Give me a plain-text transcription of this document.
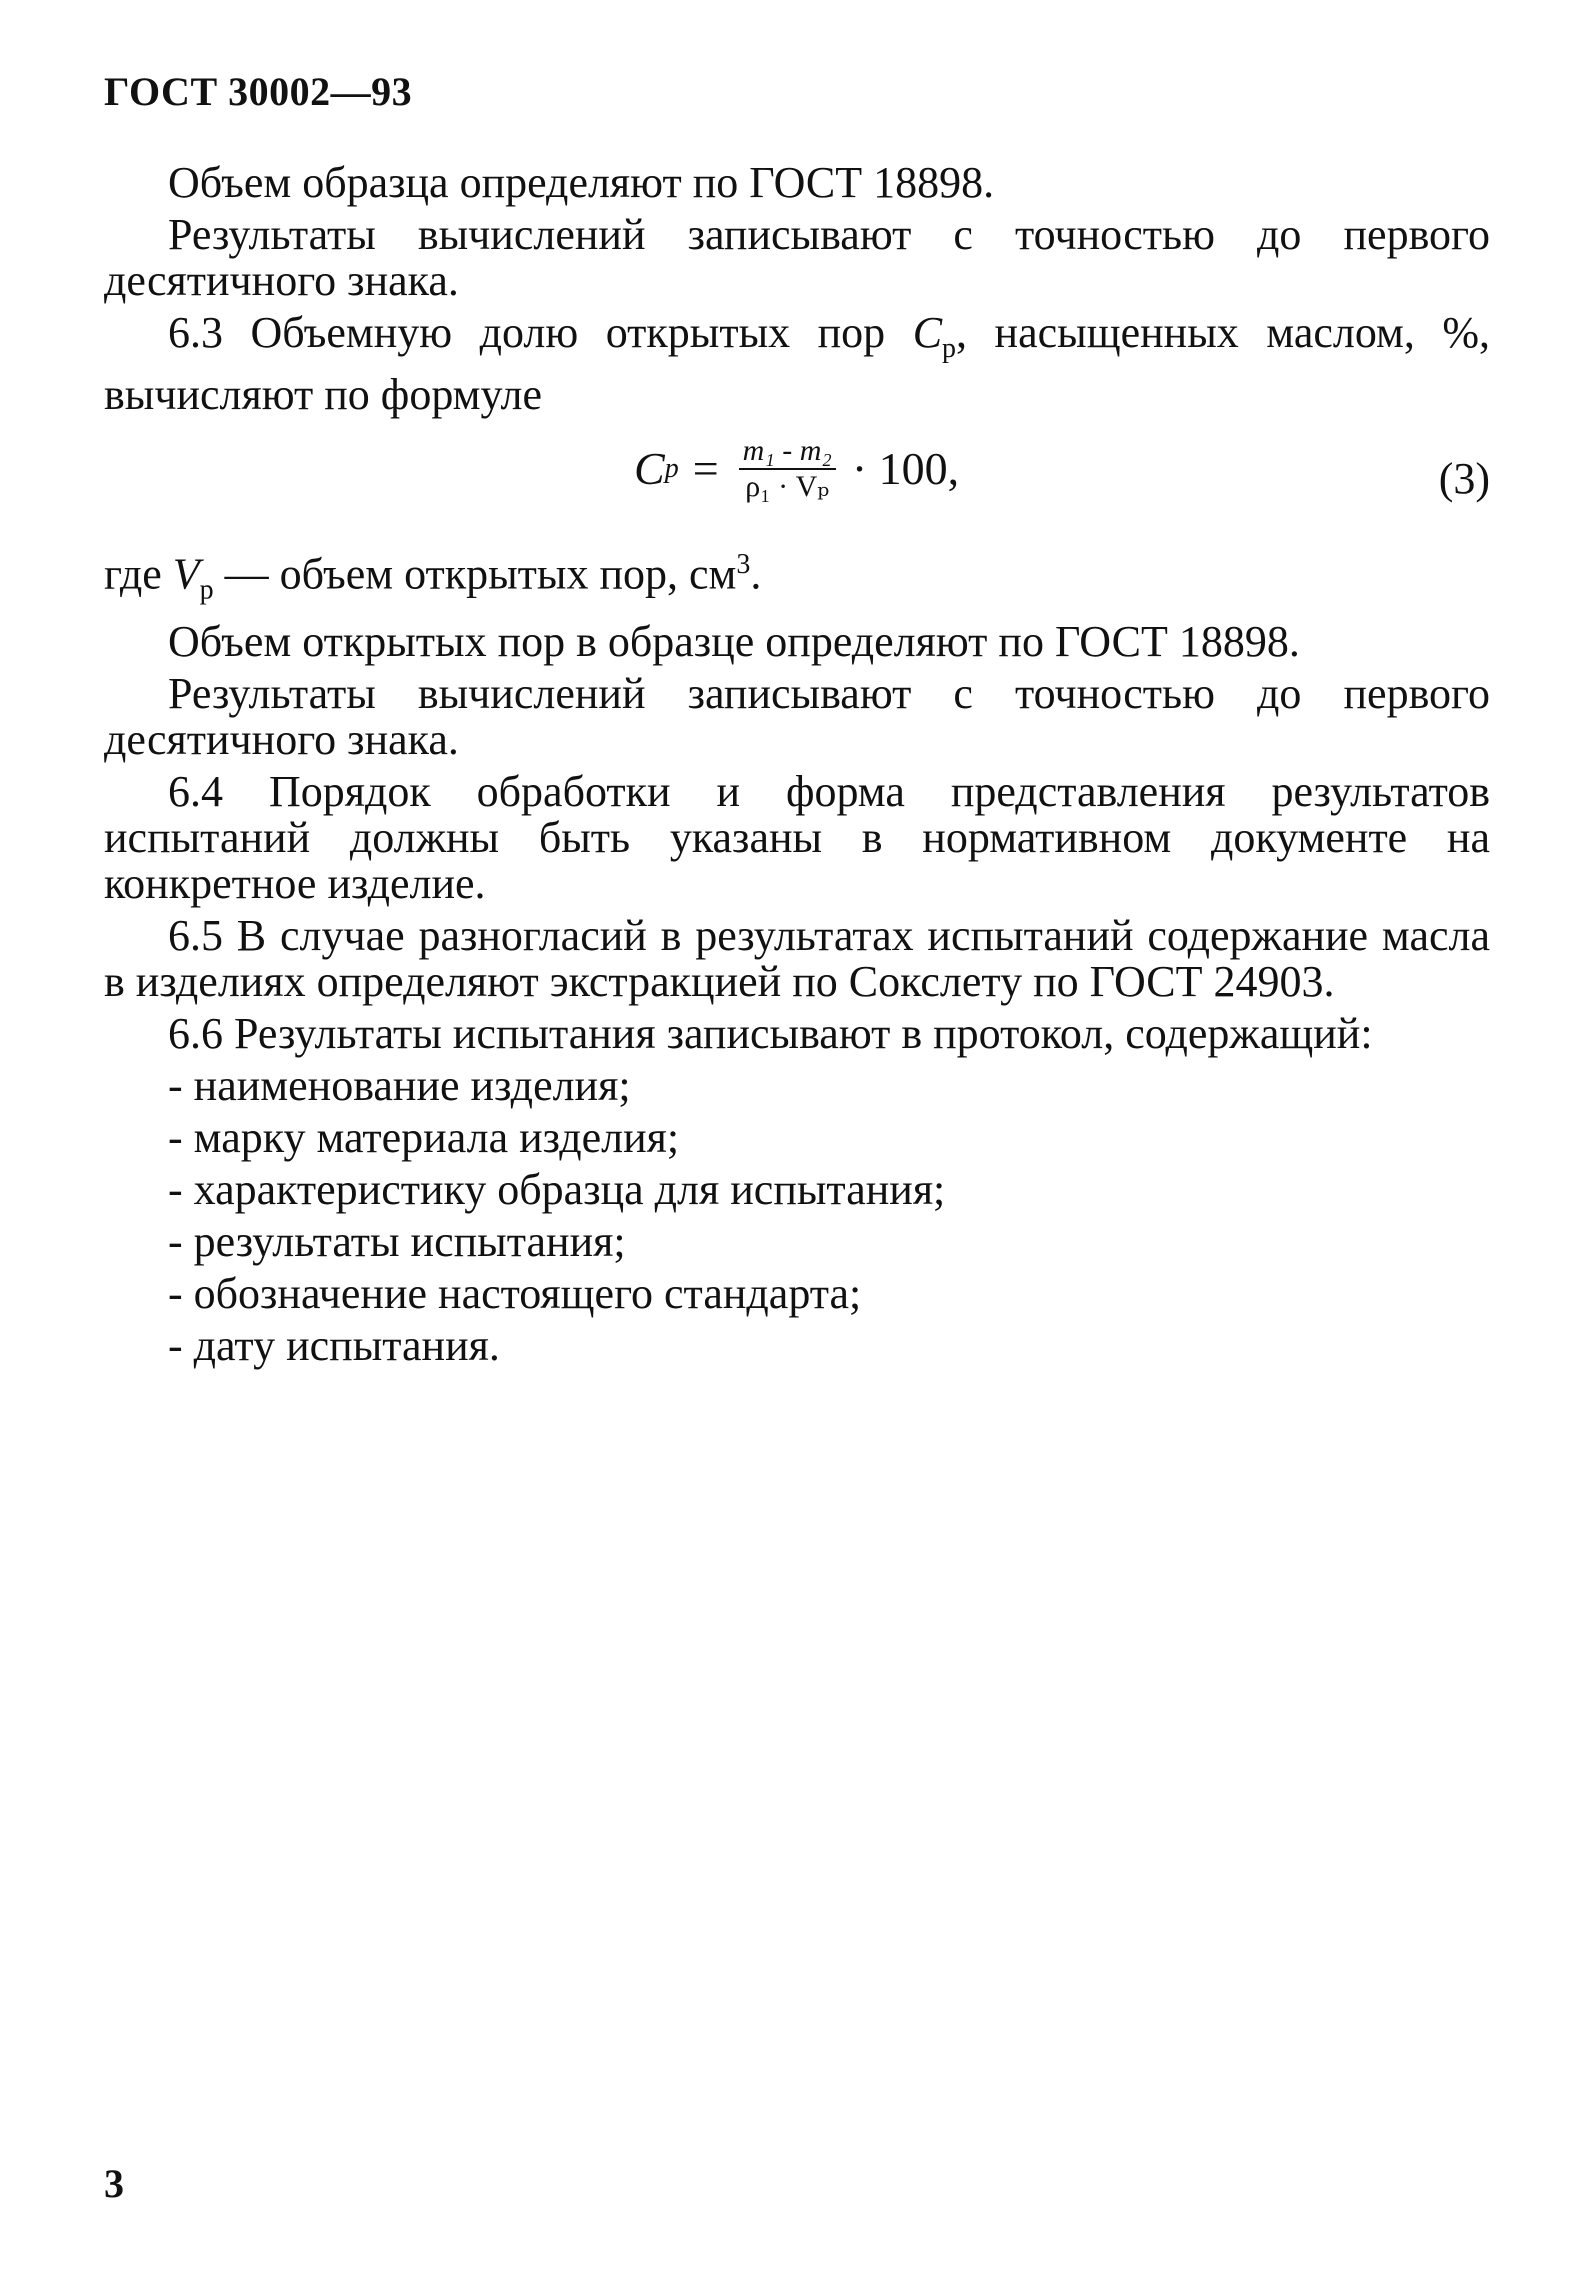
ГОСТ 30002—93

Объем образца определяют по ГОСТ 18898.

Результаты вычислений записывают с точностью до первого десятичного знака.

6.3 Объемную долю открытых пор $C_p$, насыщенных маслом, %, вычисляют по формуле

C $p = \frac{\text{m₁ - m₂}}{\text{ρ₁ · Vₚ}} \cdot 100$,	(3)

где $V_p$ — объем открытых пор, $см^3$.

Объем открытых пор в образце определяют по ГОСТ 18898.

Результаты вычислений записывают с точностью до первого десятичного знака.

6.4 Порядок обработки и форма представления результатов испытаний должны быть указаны в нормативном документе на конкретное изделие.

6.5 В случае разногласий в результатах испытаний содержание масла в изделиях определяют экстракцией по Сокслету по ГОСТ 24903.

6.6 Результаты испытания записывают в протокол, содержащий:

- наименование изделия;
- марку материала изделия;
- характеристику образца для испытания;
- результаты испытания;
- обозначение настоящего стандарта;
- дату испытания.
3
